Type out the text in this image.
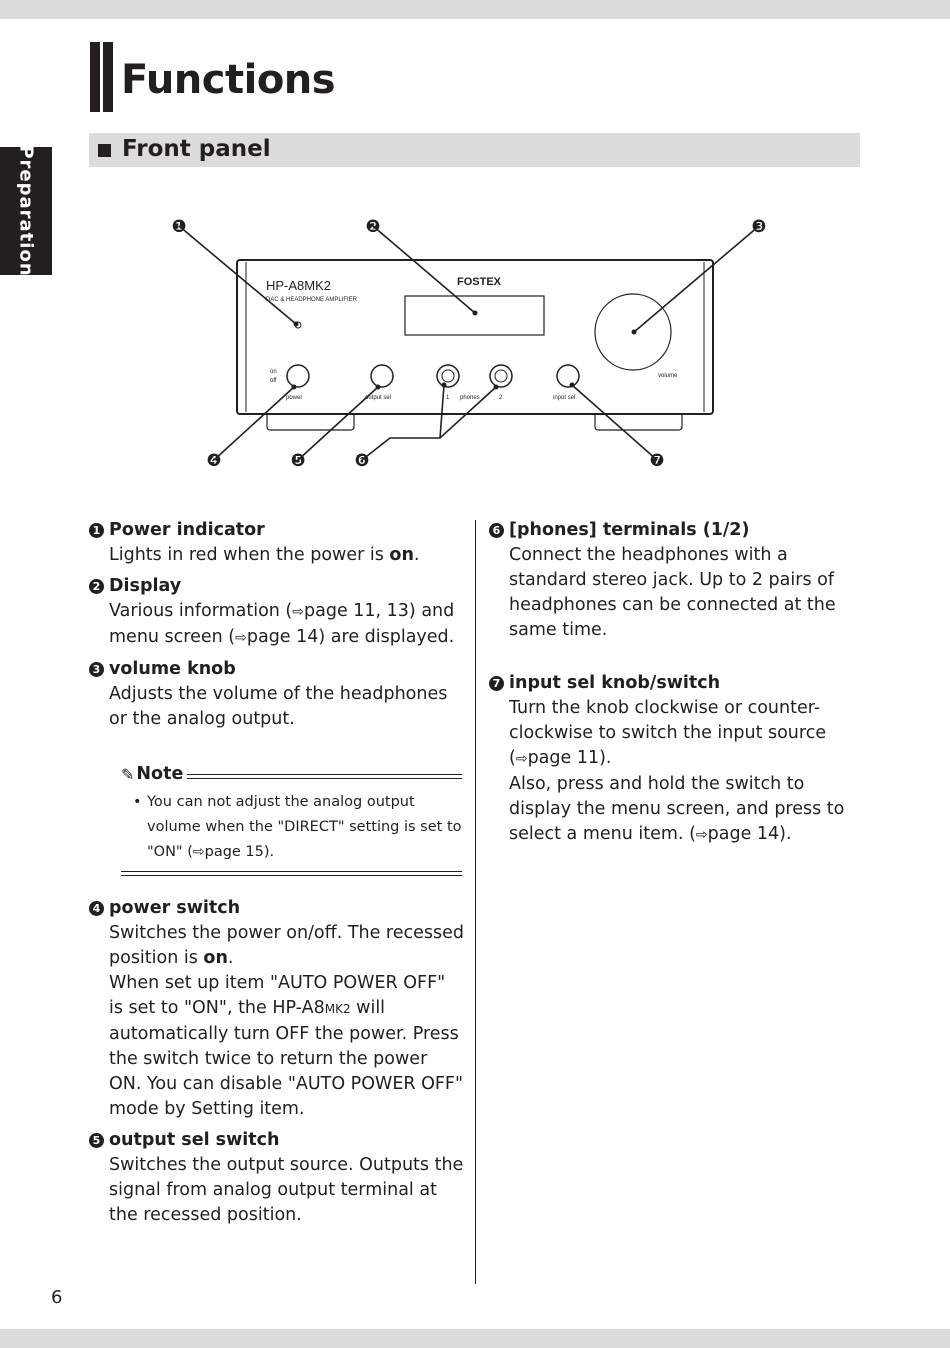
Functions
Front panel
Preparation
HP-A8MK2
DAC & HEADPHONE AMPLIFIER
FOSTEX
on
off
power	output sel	1 phones	2	input sel
volume
❶	❷	❸
❹	❺	❻	❼
1 Power indicator
Lights in red when the power is on.
2 Display
Various information (⇨page 11, 13) and menu screen (⇨page 14) are displayed.
3 volume knob
Adjusts the volume of the headphones or the analog output.
✎ Note
• You can not adjust the analog output volume when the "DIRECT" setting is set to "ON" (⇨page 15).
4 power switch
Switches the power on/off. The recessed position is on.
When set up item "AUTO POWER OFF" is set to "ON", the HP-A8MK2 will automatically turn OFF the power. Press the switch twice to return the power ON. You can disable "AUTO POWER OFF" mode by Setting item.
5 output sel switch
Switches the output source. Outputs the signal from analog output terminal at the recessed position.
6 [phones] terminals (1/2)
Connect the headphones with a standard stereo jack. Up to 2 pairs of headphones can be connected at the same time.
7 input sel knob/switch
Turn the knob clockwise or counter-clockwise to switch the input source (⇨page 11).
Also, press and hold the switch to display the menu screen, and press to select a menu item. (⇨page 14).
6
